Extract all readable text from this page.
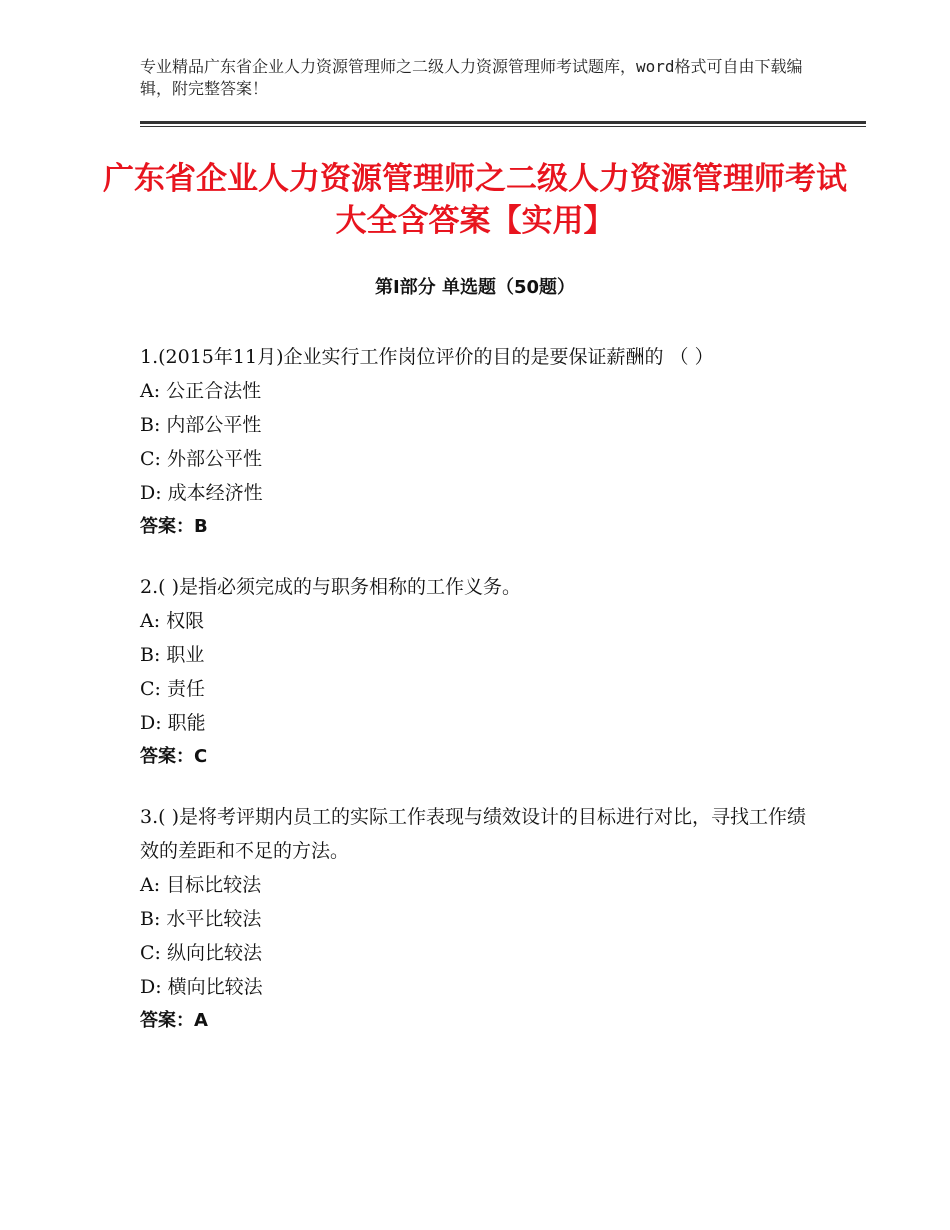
专业精品广东省企业人力资源管理师之二级人力资源管理师考试题库，word格式可自由下载编辑，附完整答案！
广东省企业人力资源管理师之二级人力资源管理师考试大全含答案【实用】
第I部分 单选题（50题）

1.(2015年11月)企业实行工作岗位评价的目的是要保证薪酬的 （ ）

A: 公正合法性

B: 内部公平性

C: 外部公平性

D: 成本经济性

答案：B

2.( )是指必须完成的与职务相称的工作义务。

A: 权限

B: 职业

C: 责任

D: 职能

答案：C

3.( )是将考评期内员工的实际工作表现与绩效设计的目标进行对比，寻找工作绩效的差距和不足的方法。

A: 目标比较法

B: 水平比较法

C: 纵向比较法

D: 横向比较法

答案：A
